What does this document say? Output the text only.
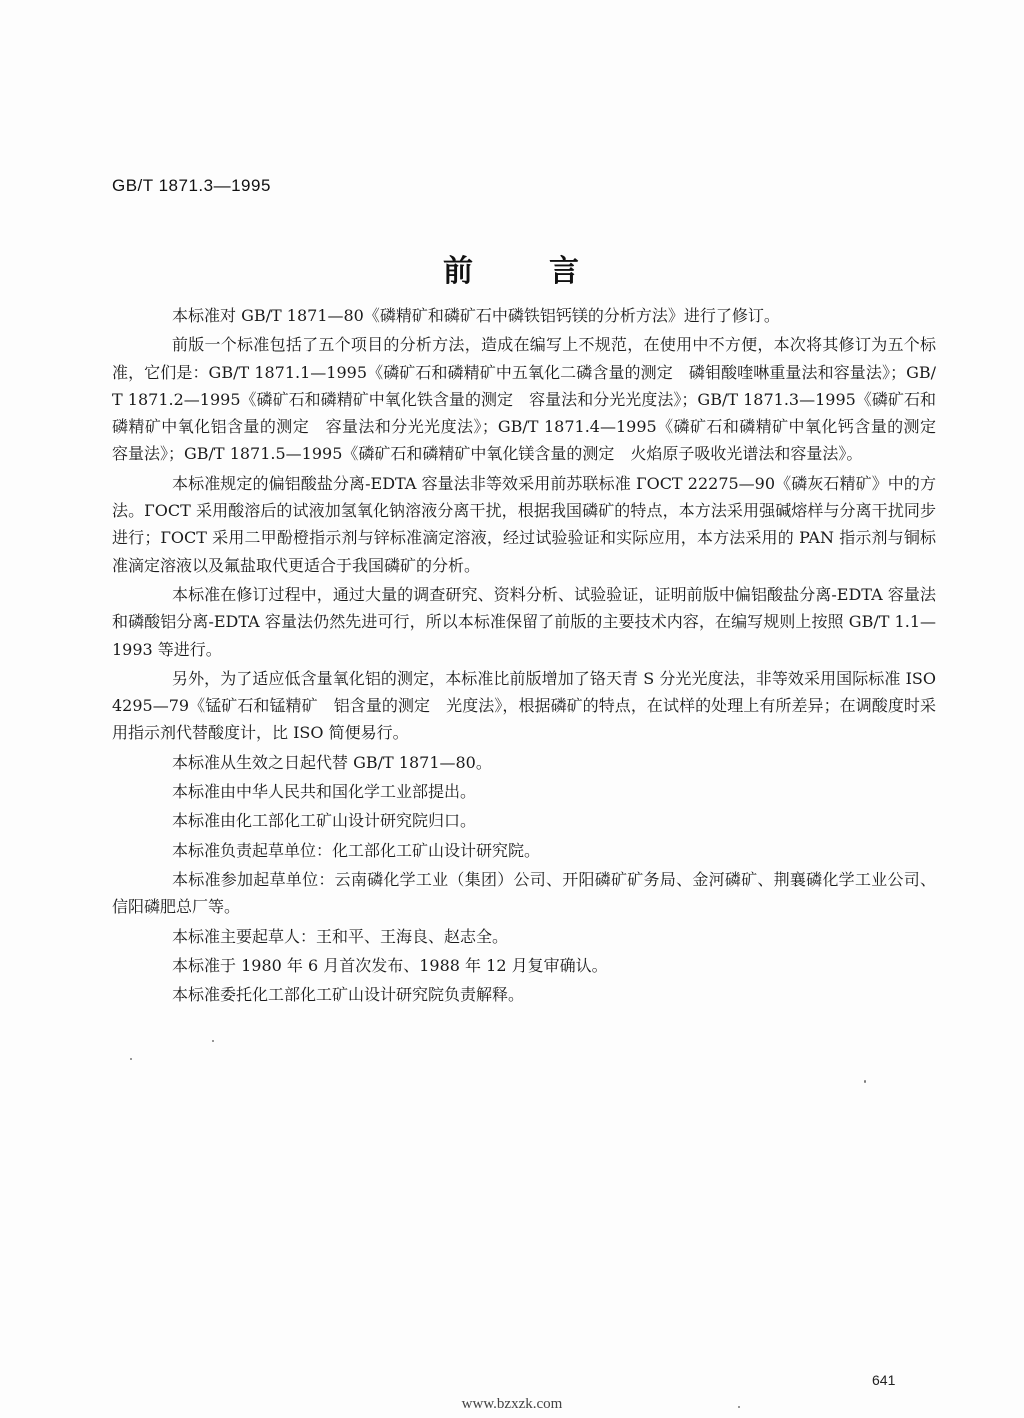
GB/T 1871.3—1995
前 言

本标准对 GB/T 1871—80《磷精矿和磷矿石中磷铁铝钙镁的分析方法》进行了修订。

前版一个标准包括了五个项目的分析方法，造成在编写上不规范，在使用中不方便，本次将其修订为五个标准，它们是：GB/T 1871.1—1995《磷矿石和磷精矿中五氧化二磷含量的测定　磷钼酸喹啉重量法和容量法》；GB/T 1871.2—1995《磷矿石和磷精矿中氧化铁含量的测定　容量法和分光光度法》；GB/T 1871.3—1995《磷矿石和磷精矿中氧化铝含量的测定　容量法和分光光度法》；GB/T 1871.4—1995《磷矿石和磷精矿中氧化钙含量的测定　容量法》；GB/T 1871.5—1995《磷矿石和磷精矿中氧化镁含量的测定　火焰原子吸收光谱法和容量法》。

本标准规定的偏铝酸盐分离-EDTA 容量法非等效采用前苏联标准 ГОСТ 22275—90《磷灰石精矿》中的方法。ГОСТ 采用酸溶后的试液加氢氧化钠溶液分离干扰，根据我国磷矿的特点，本方法采用强碱熔样与分离干扰同步进行；ГОСТ 采用二甲酚橙指示剂与锌标准滴定溶液，经过试验验证和实际应用，本方法采用的 PAN 指示剂与铜标准滴定溶液以及氟盐取代更适合于我国磷矿的分析。

本标准在修订过程中，通过大量的调查研究、资料分析、试验验证，证明前版中偏铝酸盐分离-EDTA 容量法和磷酸铝分离-EDTA 容量法仍然先进可行，所以本标准保留了前版的主要技术内容，在编写规则上按照 GB/T 1.1—1993 等进行。

另外，为了适应低含量氧化铝的测定，本标准比前版增加了铬天青 S 分光光度法，非等效采用国际标准 ISO 4295—79《锰矿石和锰精矿　铝含量的测定　光度法》，根据磷矿的特点，在试样的处理上有所差异；在调酸度时采用指示剂代替酸度计，比 ISO 简便易行。

本标准从生效之日起代替 GB/T 1871—80。

本标准由中华人民共和国化学工业部提出。

本标准由化工部化工矿山设计研究院归口。

本标准负责起草单位：化工部化工矿山设计研究院。

本标准参加起草单位：云南磷化学工业（集团）公司、开阳磷矿矿务局、金河磷矿、荆襄磷化学工业公司、信阳磷肥总厂等。

本标准主要起草人：王和平、王海良、赵志全。

本标准于 1980 年 6 月首次发布、1988 年 12 月复审确认。

本标准委托化工部化工矿山设计研究院负责解释。

641
www.bzxzk.com
